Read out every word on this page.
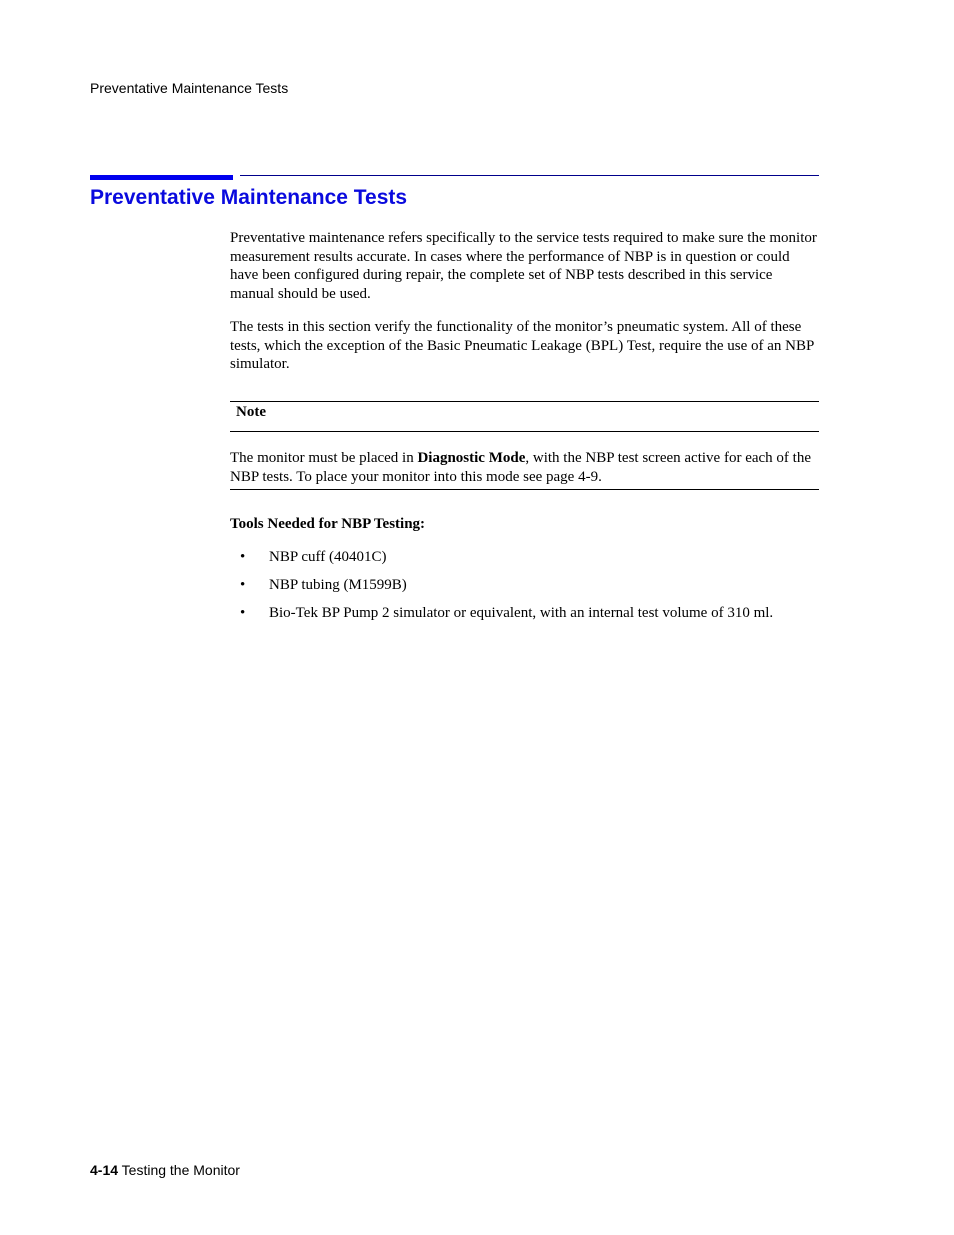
Preventative Maintenance Tests
Preventative Maintenance Tests

Preventative maintenance refers specifically to the service tests required to make sure the monitor measurement results accurate. In cases where the performance of NBP is in question or could have been configured during repair, the complete set of NBP tests described in this service manual should be used.

The tests in this section verify the functionality of the monitor’s pneumatic system. All of these tests, which the exception of the Basic Pneumatic Leakage (BPL) Test, require the use of an NBP simulator.

Note

The monitor must be placed in Diagnostic Mode, with the NBP test screen active for each of the NBP tests. To place your monitor into this mode see page 4-9.

Tools Needed for NBP Testing:
• NBP cuff (40401C)
• NBP tubing (M1599B)
• Bio-Tek BP Pump 2 simulator or equivalent, with an internal test volume of 310 ml.
4-14 Testing the Monitor
